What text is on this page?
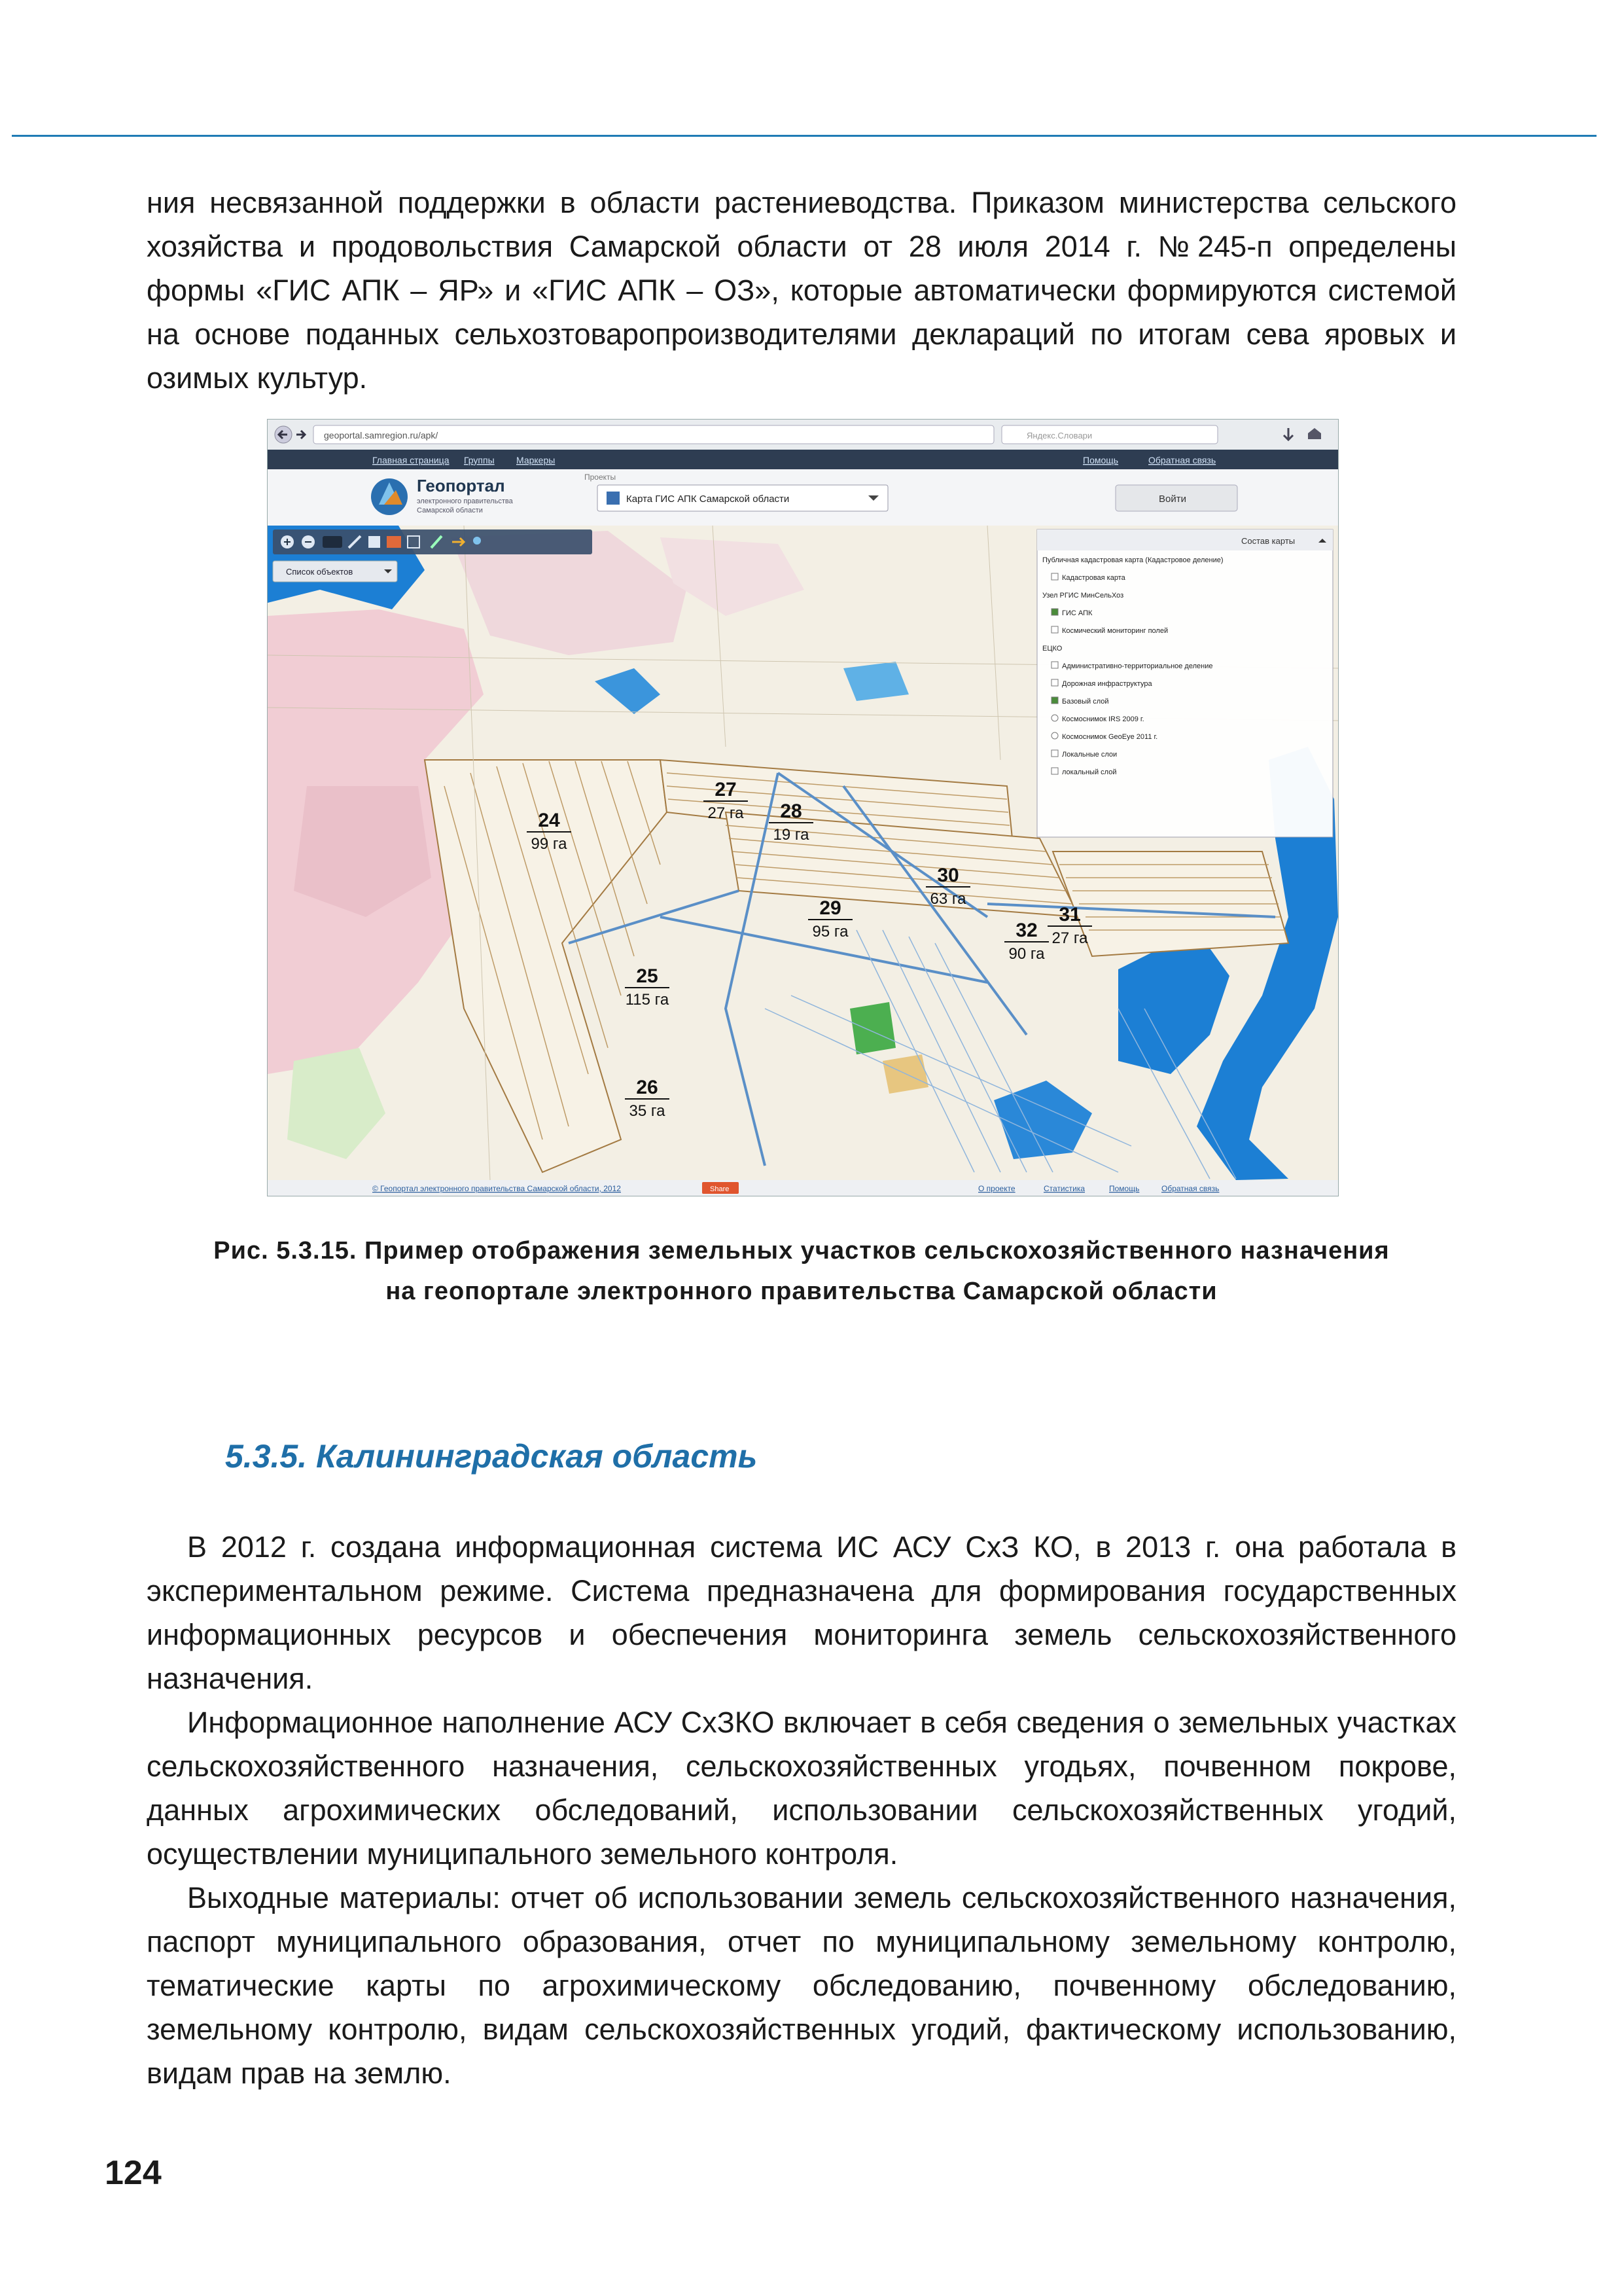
ния несвязанной поддержки в области растениеводства. Приказом министерства сельского хозяйства и продовольствия Самарской области от 28 июля 2014 г. №245-п определены формы «ГИС АПК – ЯР» и «ГИС АПК – ОЗ», которые автоматически формируются системой на основе поданных сельхозтоваропроизводителями деклараций по итогам сева яровых и озимых культур.

geoportal.samregion.ru/apk/	Яндекс.Словари
Главная страница Группы Маркеры	Помощь	Обратная связь
Геопортал
электронного правительства
Самарской области
Проекты
Карта ГИС АПК Самарской области	Войти
Список объектов
Состав карты
Публичная кадастровая карта (Кадастровое деление)
Кадастровая карта
Узел РГИС МинСельХоз
ГИС АПК
Космический мониторинг полей
ЕЦКО
Административно-территориальное деление
Дорожная инфраструктура
Базовый слой
Космоснимок IRS 2009 г.
Космоснимок GeoEye 2011 г.
Локальные слои
локальный слой
24
99 га
25
115 га
26
35 га
27
27 га 28
19 га
29
95 га
30
63 га
31
27 га
32
90 га
© Геопортал электронного правительства Самарской области, 2012	Share	О проекте	Статистика	Помощь	Обратная связь
Рис. 5.3.15. Пример отображения земельных участков сельскохозяйственного назначения
на геопортале электронного правительства Самарской области
5.3.5. Калининградская область

В 2012 г. создана информационная система ИС АСУ СхЗ КО, в 2013 г. она работала в экспериментальном режиме. Система предназначена для формирования государственных информационных ресурсов и обеспечения мониторинга земель сельскохозяйственного назначения.

Информационное наполнение АСУ СхЗКО включает в себя сведения о земельных участках сельскохозяйственного назначения, сельскохозяйственных угодьях, почвенном покрове, данных агрохимических обследований, использовании сельскохозяйственных угодий, осуществлении муниципального земельного контроля.

Выходные материалы: отчет об использовании земель сельскохозяйственного назначения, паспорт муниципального образования, отчет по муниципальному земельному контролю, тематические карты по агрохимическому обследованию, почвенному обследованию, земельному контролю, видам сельскохозяйственных угодий, фактическому использованию, видам прав на землю.

124
